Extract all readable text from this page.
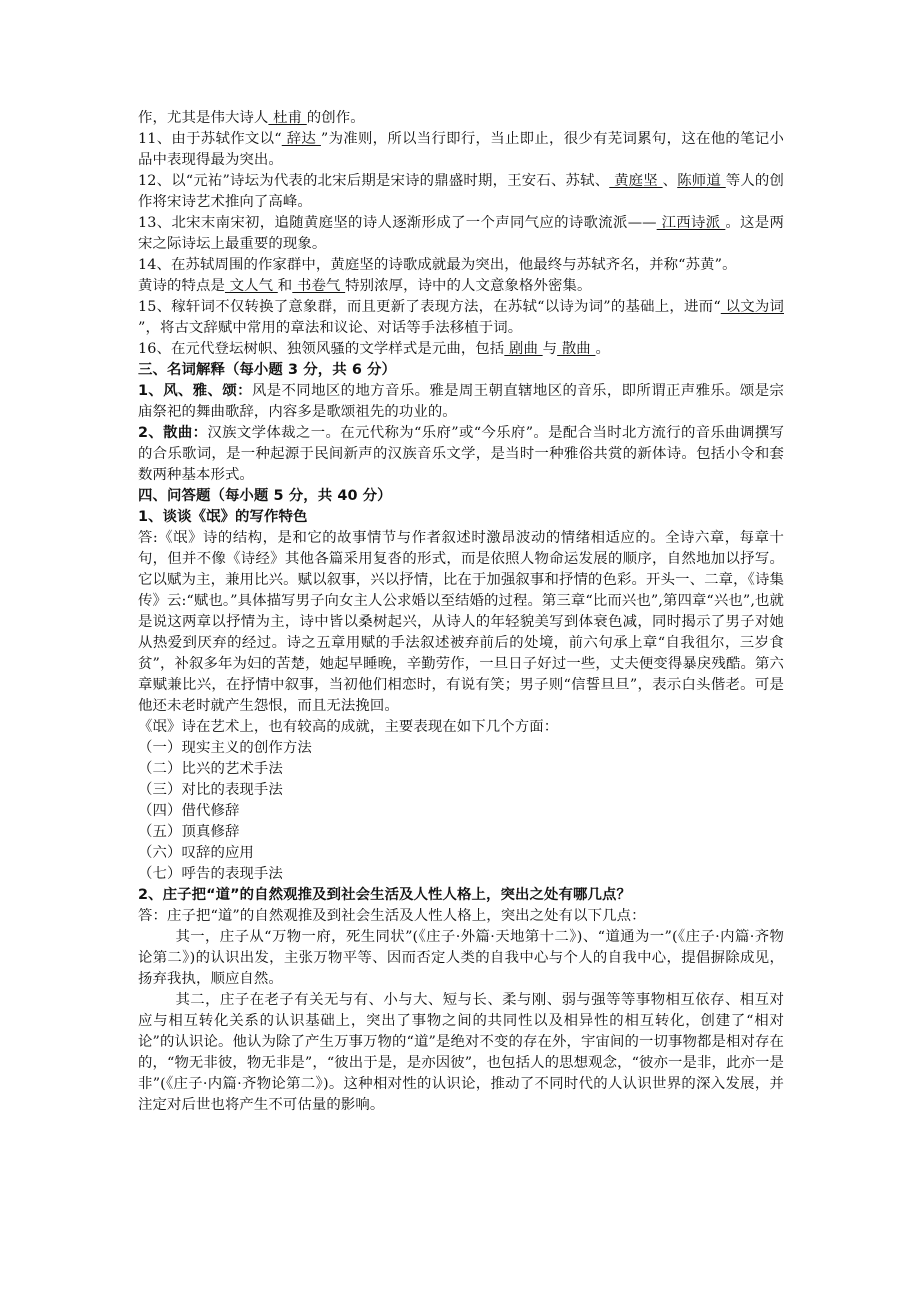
作，尤其是伟大诗人 杜甫 的创作。

11、由于苏轼作文以“ 辞达 ”为准则，所以当行即行，当止即止，很少有芜词累句，这在他的笔记小品中表现得最为突出。

12、以“元祐”诗坛为代表的北宋后期是宋诗的鼎盛时期，王安石、苏轼、 黄庭坚 、陈师道 等人的创作将宋诗艺术推向了高峰。

13、北宋末南宋初，追随黄庭坚的诗人逐渐形成了一个声同气应的诗歌流派—— 江西诗派 。这是两宋之际诗坛上最重要的现象。

14、在苏轼周围的作家群中，黄庭坚的诗歌成就最为突出，他最终与苏轼齐名，并称“苏黄”。

黄诗的特点是 文人气 和 书卷气 特别浓厚，诗中的人文意象格外密集。

15、稼轩词不仅转换了意象群，而且更新了表现方法，在苏轼“以诗为词”的基础上，进而“ 以文为词 ”，将古文辞赋中常用的章法和议论、对话等手法移植于词。

16、在元代登坛树帜、独领风骚的文学样式是元曲，包括 剧曲 与 散曲 。

三、名词解释（每小题 3 分，共 6 分）

1、风、雅、颂：风是不同地区的地方音乐。雅是周王朝直辖地区的音乐，即所谓正声雅乐。颂是宗庙祭祀的舞曲歌辞，内容多是歌颂祖先的功业的。

2、散曲：汉族文学体裁之一。在元代称为“乐府”或“今乐府”。是配合当时北方流行的音乐曲调撰写的合乐歌词，是一种起源于民间新声的汉族音乐文学，是当时一种雅俗共赏的新体诗。包括小令和套数两种基本形式。

四、问答题（每小题 5 分，共 40 分）

1、谈谈《氓》的写作特色

答:《氓》诗的结构，是和它的故事情节与作者叙述时激昂波动的情绪相适应的。全诗六章，每章十句，但并不像《诗经》其他各篇采用复沓的形式，而是依照人物命运发展的顺序，自然地加以抒写。它以赋为主，兼用比兴。赋以叙事，兴以抒情，比在于加强叙事和抒情的色彩。开头一、二章，《诗集传》云:“赋也。”具体描写男子向女主人公求婚以至结婚的过程。第三章“比而兴也”,第四章“兴也”,也就是说这两章以抒情为主，诗中皆以桑树起兴，从诗人的年轻貌美写到体衰色减，同时揭示了男子对她从热爱到厌弃的经过。诗之五章用赋的手法叙述被弃前后的处境，前六句承上章“自我徂尔，三岁食贫”，补叙多年为妇的苦楚，她起早睡晚，辛勤劳作，一旦日子好过一些，丈夫便变得暴戾残酷。第六章赋兼比兴，在抒情中叙事，当初他们相恋时，有说有笑；男子则“信誓旦旦”，表示白头偕老。可是他还未老时就产生怨恨，而且无法挽回。

《氓》诗在艺术上，也有较高的成就，主要表现在如下几个方面：

（一）现实主义的创作方法

（二）比兴的艺术手法

（三）对比的表现手法

（四）借代修辞

（五）顶真修辞

（六）叹辞的应用

（七）呼告的表现手法

2、庄子把“道”的自然观推及到社会生活及人性人格上，突出之处有哪几点？

答：庄子把“道”的自然观推及到社会生活及人性人格上，突出之处有以下几点：

其一，庄子从“万物一府，死生同状”(《庄子·外篇·天地第十二》)、“道通为一”(《庄子·内篇·齐物论第二》)的认识出发，主张万物平等、因而否定人类的自我中心与个人的自我中心，提倡摒除成见，扬弃我执，顺应自然。

其二，庄子在老子有关无与有、小与大、短与长、柔与刚、弱与强等等事物相互依存、相互对应与相互转化关系的认识基础上，突出了事物之间的共同性以及相异性的相互转化，创建了“相对论”的认识论。他认为除了产生万事万物的“道”是绝对不变的存在外，宇宙间的一切事物都是相对存在的，“物无非彼，物无非是”，“彼出于是，是亦因彼”，也包括人的思想观念，“彼亦一是非，此亦一是非”(《庄子·内篇·齐物论第二》)。这种相对性的认识论，推动了不同时代的人认识世界的深入发展，并注定对后世也将产生不可估量的影响。
